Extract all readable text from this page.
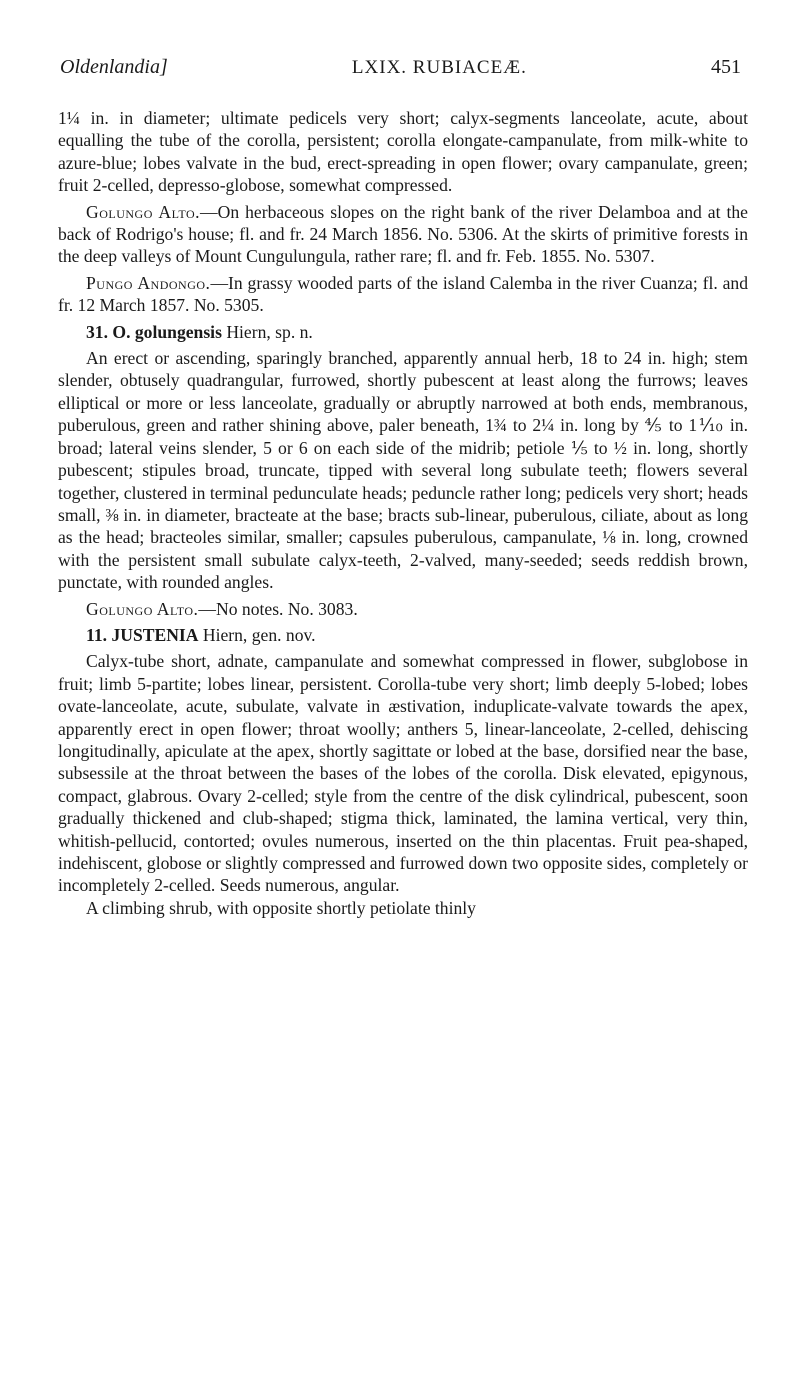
Oldenlandia]	LXIX. RUBIACEÆ.	451

1¼ in. in diameter; ultimate pedicels very short; calyx-segments lanceolate, acute, about equalling the tube of the corolla, persistent; corolla elongate-campanulate, from milk-white to azure-blue; lobes valvate in the bud, erect-spreading in open flower; ovary campanulate, green; fruit 2-celled, depresso-globose, somewhat compressed.

Golungo Alto.—On herbaceous slopes on the right bank of the river Delamboa and at the back of Rodrigo's house; fl. and fr. 24 March 1856. No. 5306. At the skirts of primitive forests in the deep valleys of Mount Cungulungula, rather rare; fl. and fr. Feb. 1855. No. 5307.

Pungo Andongo.—In grassy wooded parts of the island Calemba in the river Cuanza; fl. and fr. 12 March 1857. No. 5305.

31. O. golungensis Hiern, sp. n.

An erect or ascending, sparingly branched, apparently annual herb, 18 to 24 in. high; stem slender, obtusely quadrangular, furrowed, shortly pubescent at least along the furrows; leaves elliptical or more or less lanceolate, gradually or abruptly narrowed at both ends, membranous, puberulous, green and rather shining above, paler beneath, 1¾ to 2¼ in. long by ⅘ to 1⅒ in. broad; lateral veins slender, 5 or 6 on each side of the midrib; petiole ⅕ to ½ in. long, shortly pubescent; stipules broad, truncate, tipped with several long subulate teeth; flowers several together, clustered in terminal pedunculate heads; peduncle rather long; pedicels very short; heads small, ⅜ in. in diameter, bracteate at the base; bracts sub-linear, puberulous, ciliate, about as long as the head; bracteoles similar, smaller; capsules puberulous, campanulate, ⅛ in. long, crowned with the persistent small subulate calyx-teeth, 2-valved, many-seeded; seeds reddish brown, punctate, with rounded angles.

Golungo Alto.—No notes. No. 3083.

11. JUSTENIA Hiern, gen. nov.

Calyx-tube short, adnate, campanulate and somewhat compressed in flower, subglobose in fruit; limb 5-partite; lobes linear, persistent. Corolla-tube very short; limb deeply 5-lobed; lobes ovate-lanceolate, acute, subulate, valvate in æstivation, induplicate-valvate towards the apex, apparently erect in open flower; throat woolly; anthers 5, linear-lanceolate, 2-celled, dehiscing longitudinally, apiculate at the apex, shortly sagittate or lobed at the base, dorsified near the base, subsessile at the throat between the bases of the lobes of the corolla. Disk elevated, epigynous, compact, glabrous. Ovary 2-celled; style from the centre of the disk cylindrical, pubescent, soon gradually thickened and club-shaped; stigma thick, laminated, the lamina vertical, very thin, whitish-pellucid, contorted; ovules numerous, inserted on the thin placentas. Fruit pea-shaped, indehiscent, globose or slightly compressed and furrowed down two opposite sides, completely or incompletely 2-celled. Seeds numerous, angular.

A climbing shrub, with opposite shortly petiolate thinly
